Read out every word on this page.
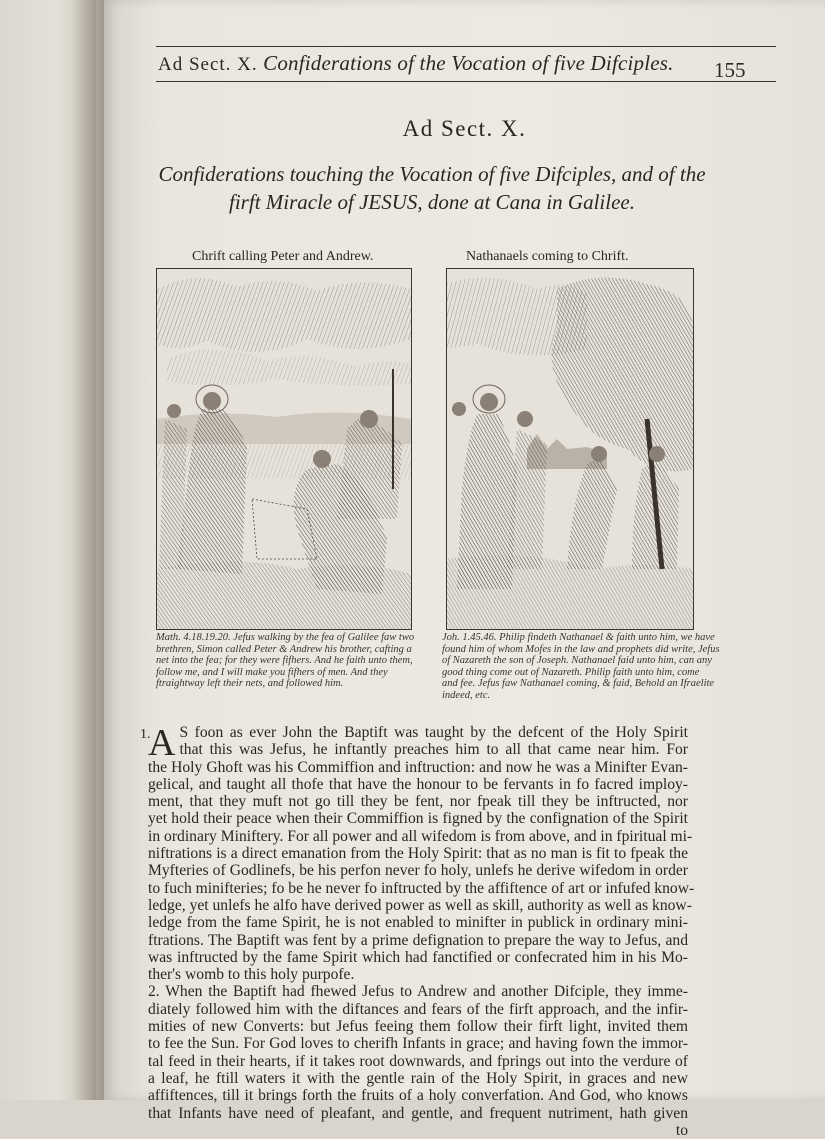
Ad Sect. X. Confiderations of the Vocation of five Difciples. 155
Ad Sect. X.
Confiderations touching the Vocation of five Difciples, and of the
firft Miracle of JESUS, done at Cana in Galilee.
Chrift calling Peter and Andrew.
Math. 4.18.19.20. Jefus walking by the fea of Galilee faw two
brethren, Simon called Peter & Andrew his brother, cafting a
net into the fea; for they were fifhers. And he faith unto them,
follow me, and I will make you fifhers of men. And they
ftraightway left their nets, and followed him.
Nathanaels coming to Chrift.
Joh. 1.45.46. Philip findeth Nathanael & faith unto him, we have
found him of whom Mofes in the law and prophets did write, Jefus
of Nazareth the son of Joseph. Nathanael faid unto him, can any
good thing come out of Nazareth. Philip faith unto him, come
and fee. Jefus faw Nathanael coming, & faid, Behold an Ifraelite
indeed, etc.

1.
A S foon as ever John the Baptift was taught by the defcent of the Holy Spirit
that this was Jefus, he inftantly preaches him to all that came near him. For
the Holy Ghoft was his Commiffion and inftruction: and now he was a Minifter Evan-
gelical, and taught all thofe that have the honour to be fervants in fo facred imploy-
ment, that they muft not go till they be fent, nor fpeak till they be inftructed, nor
yet hold their peace when their Commiffion is figned by the confignation of the Spirit
in ordinary Miniftery. For all power and all wifedom is from above, and in fpiritual mi-
niftrations is a direct emanation from the Holy Spirit: that as no man is fit to fpeak the
Myfteries of Godlinefs, be his perfon never fo holy, unlefs he derive wifedom in order
to fuch minifteries; fo be he never fo inftructed by the affiftence of art or infufed know-
ledge, yet unlefs he alfo have derived power as well as skill, authority as well as know-
ledge from the fame Spirit, he is not enabled to minifter in publick in ordinary mini-
ftrations. The Baptift was fent by a prime defignation to prepare the way to Jefus, and
was inftructed by the fame Spirit which had fanctified or confecrated him in his Mo-
ther's womb to this holy purpofe.

2. When the Baptift had fhewed Jefus to Andrew and another Difciple, they imme-
diately followed him with the diftances and fears of the firft approach, and the infir-
mities of new Converts: but Jefus feeing them follow their firft light, invited them
to fee the Sun. For God loves to cherifh Infants in grace; and having fown the immor-
tal feed in their hearts, if it takes root downwards, and fprings out into the verdure of
a leaf, he ftill waters it with the gentle rain of the Holy Spirit, in graces and new
affiftences, till it brings forth the fruits of a holy converfation. And God, who knows
that Infants have need of pleafant, and gentle, and frequent nutriment, hath given
to
